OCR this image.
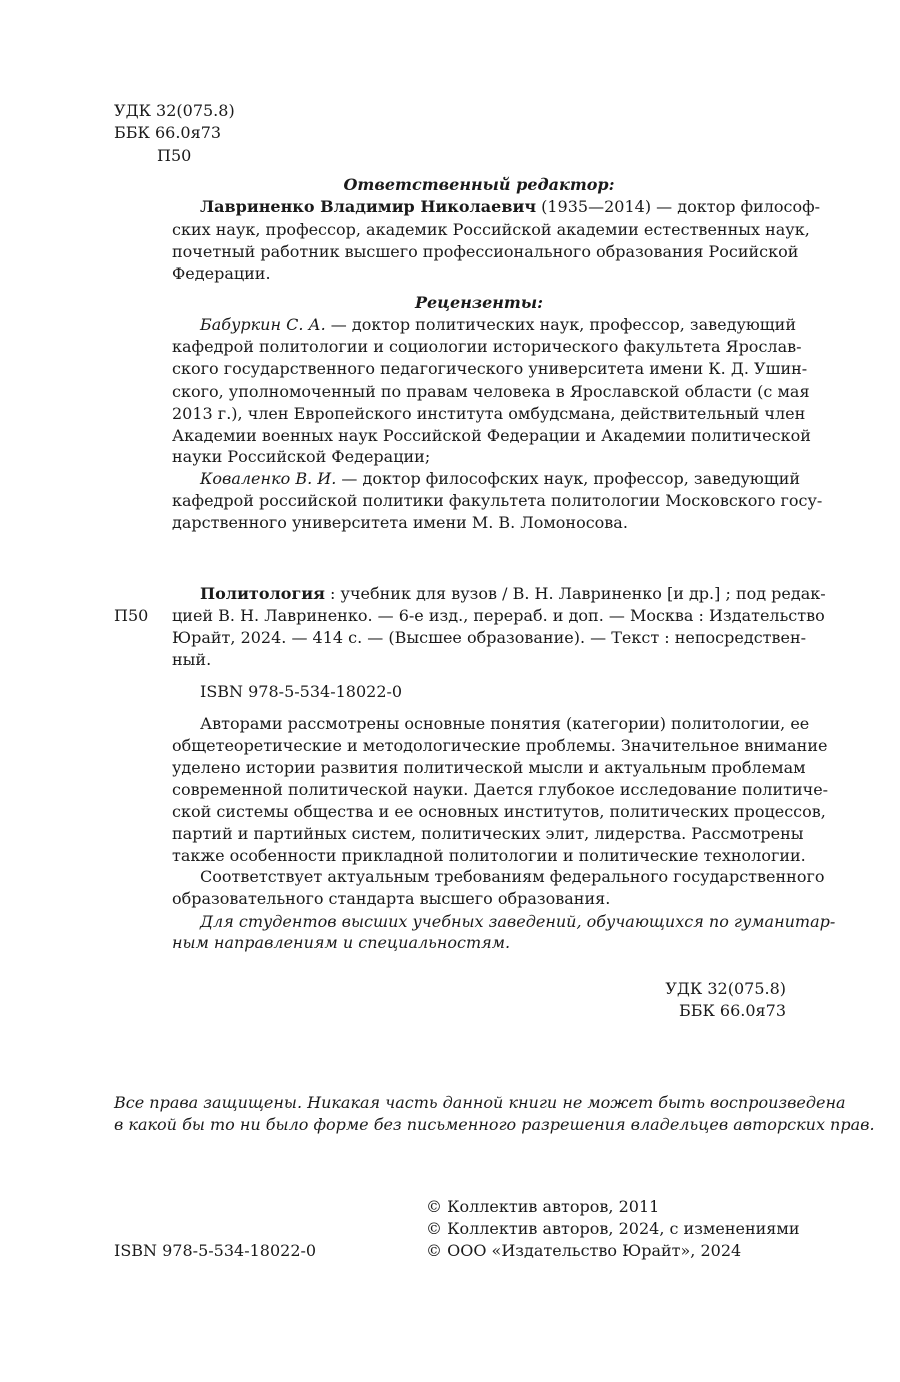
УДК 32(075.8)

ББК 66.0я73

П50

Ответственный редактор:

Лавриненко Владимир Николаевич (1935—2014) — доктор философ-

ских наук, профессор, академик Российской академии естественных наук,

почетный работник высшего профессионального образования Росийской

Федерации.

Рецензенты:

Бабуркин С. А. — доктор политических наук, профессор, заведующий

кафедрой политологии и социологии исторического факультета Ярослав-

ского государственного педагогического университета имени К. Д. Ушин-

ского, уполномоченный по правам человека в Ярославской области (с мая

2013 г.), член Европейского института омбудсмана, действительный член

Академии военных наук Российской Федерации и Академии политической

науки Российской Федерации;

Коваленко В. И. — доктор философских наук, профессор, заведующий

кафедрой российской политики факультета политологии Московского госу-

дарственного университета имени М. В. Ломоносова.

Политология : учебник для вузов / В. Н. Лавриненко [и др.] ; под редак-

П50 цией В. Н. Лавриненко. — 6-е изд., перераб. и доп. — Москва : Издательство

Юрайт, 2024. — 414 с. — (Высшее образование). — Текст : непосредствен-

ный.

ISBN 978-5-534-18022-0

Авторами рассмотрены основные понятия (категории) политологии, ее

общетеоретические и методологические проблемы. Значительное внимание

уделено истории развития политической мысли и актуальным проблемам

современной политической науки. Дается глубокое исследование политиче-

ской системы общества и ее основных институтов, политических процессов,

партий и партийных систем, политических элит, лидерства. Рассмотрены

также особенности прикладной политологии и политические технологии.

Соответствует актуальным требованиям федерального государственного

образовательного стандарта высшего образования.

Для студентов высших учебных заведений, обучающихся по гуманитар-

ным направлениям и специальностям.

УДК 32(075.8)

ББК 66.0я73

Все права защищены. Никакая часть данной книги не может быть воспроизведена

в какой бы то ни было форме без письменного разрешения владельцев авторских прав.

© Коллектив авторов, 2011

© Коллектив авторов, 2024, с изменениями

ISBN 978-5-534-18022-0	© ООО «Издательство Юрайт», 2024
